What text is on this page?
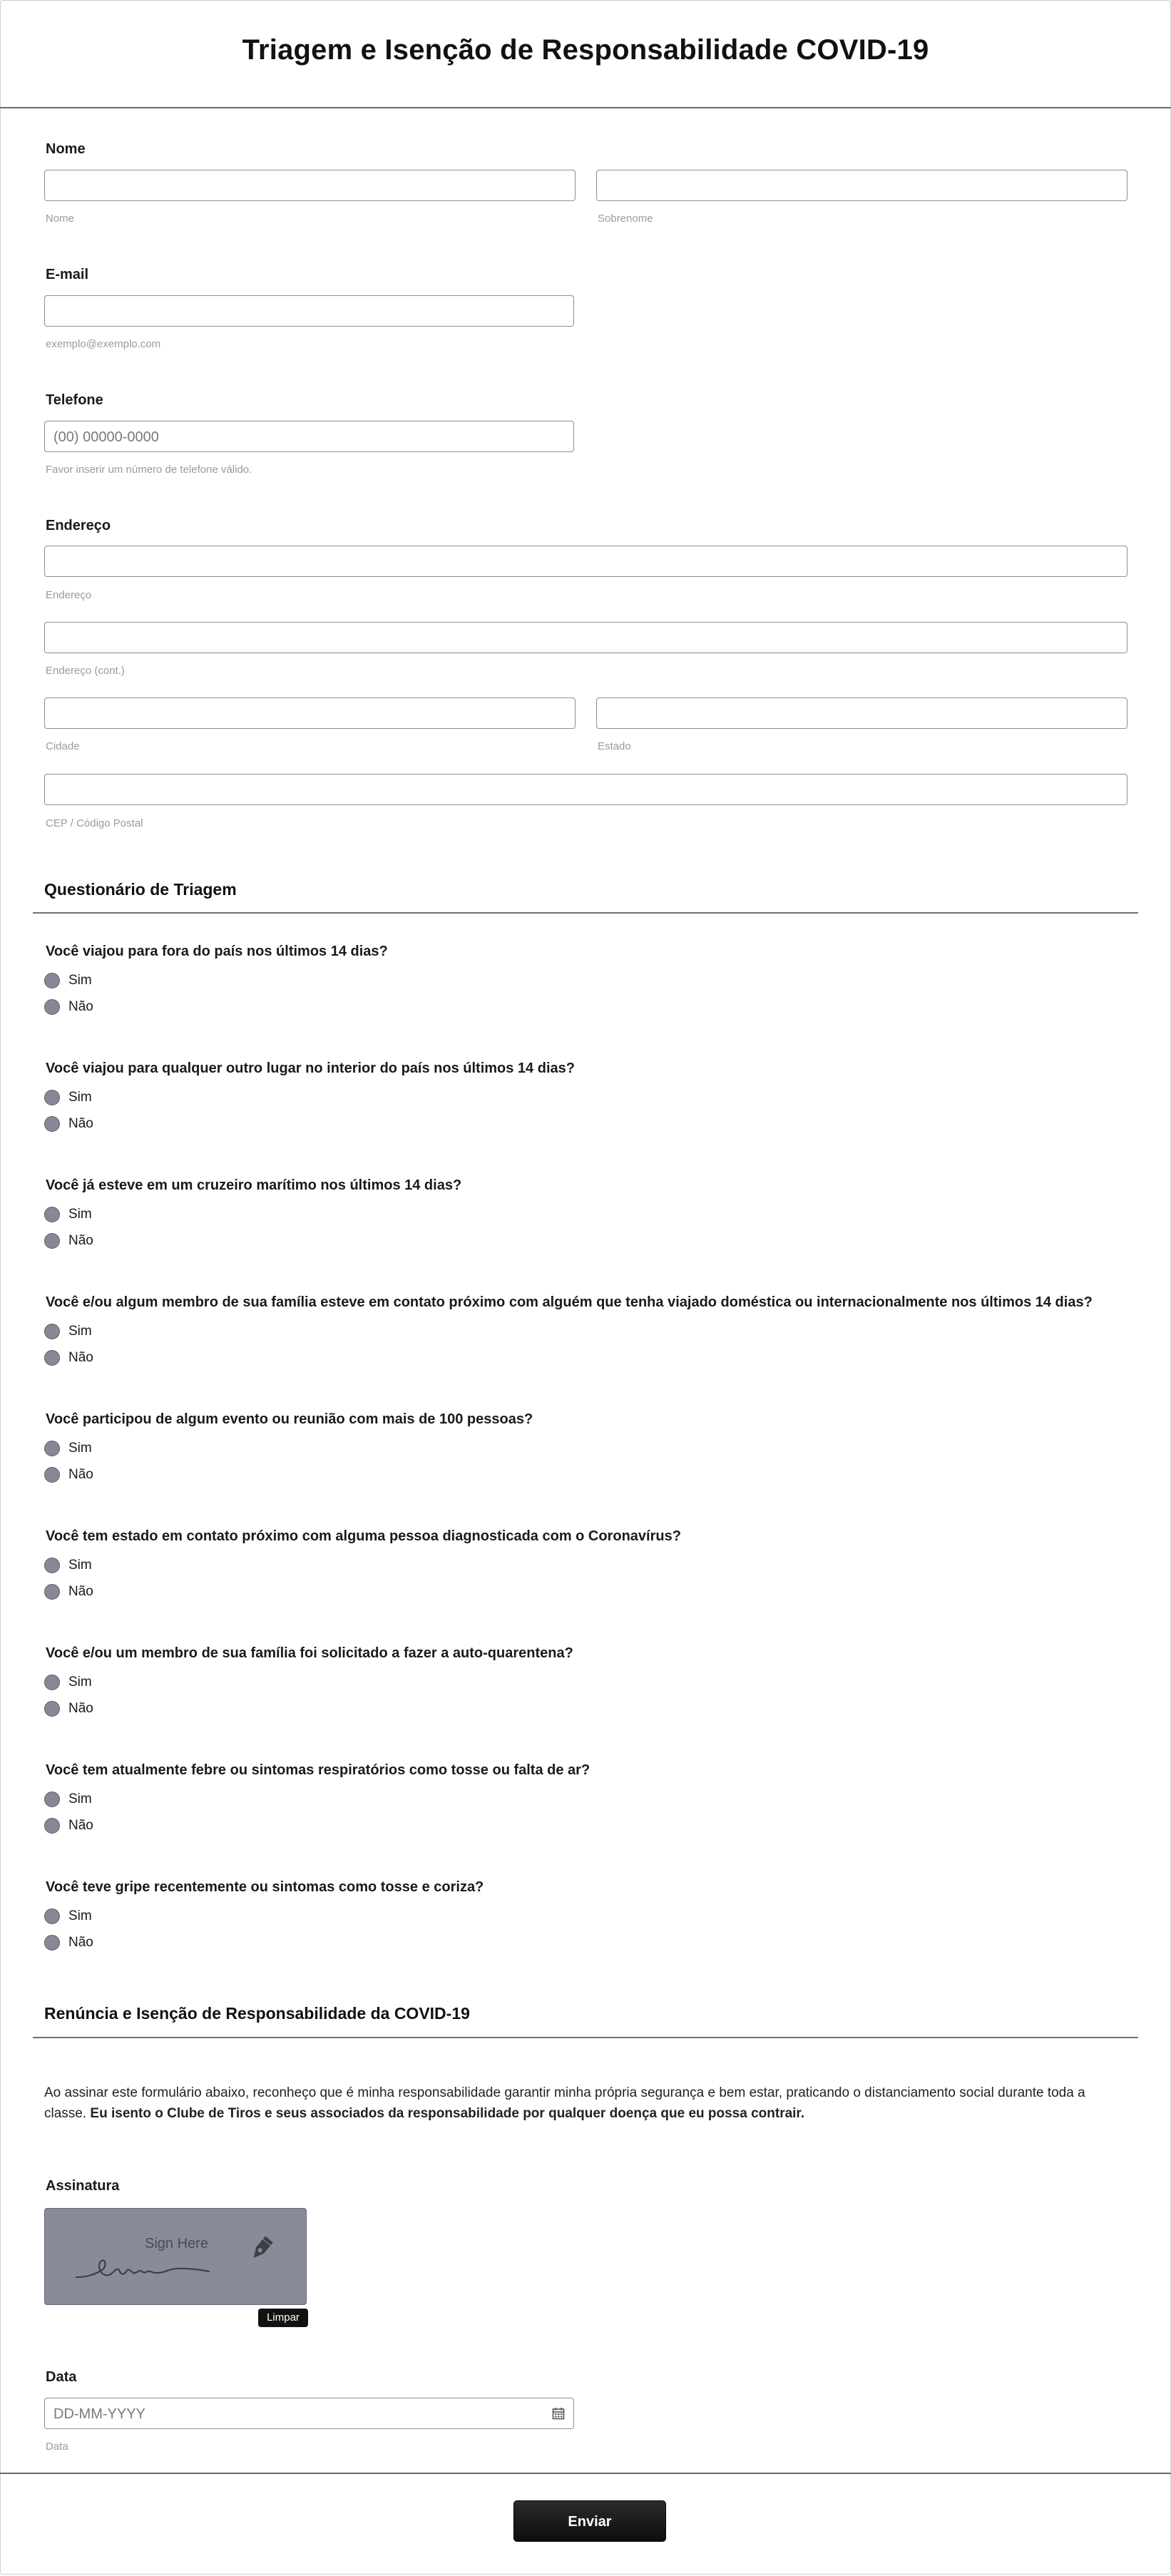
Triagem e Isenção de Responsabilidade COVID-19
Nome
Nome	Sobrenome
E-mail
exemplo@exemplo.com
Telefone
(00) 00000-0000
Favor inserir um número de telefone válido.
Endereço
Endereço
Endereço (cont.)
Cidade	Estado
CEP / Código Postal
Questionário de Triagem
Você viajou para fora do país nos últimos 14 dias?
Sim
Não
Você viajou para qualquer outro lugar no interior do país nos últimos 14 dias?
Sim
Não
Você já esteve em um cruzeiro marítimo nos últimos 14 dias?
Sim
Não
Você e/ou algum membro de sua família esteve em contato próximo com alguém que tenha viajado doméstica ou internacionalmente nos últimos 14 dias?
Sim
Não
Você participou de algum evento ou reunião com mais de 100 pessoas?
Sim
Não
Você tem estado em contato próximo com alguma pessoa diagnosticada com o Coronavírus?
Sim
Não
Você e/ou um membro de sua família foi solicitado a fazer a auto-quarentena?
Sim
Não
Você tem atualmente febre ou sintomas respiratórios como tosse ou falta de ar?
Sim
Não
Você teve gripe recentemente ou sintomas como tosse e coriza?
Sim
Não
Renúncia e Isenção de Responsabilidade da COVID-19
Ao assinar este formulário abaixo, reconheço que é minha responsabilidade garantir minha própria segurança e bem estar, praticando o distanciamento social durante toda a classe. Eu isento o Clube de Tiros e seus associados da responsabilidade por qualquer doença que eu possa contrair.
Assinatura
Sign Here
Limpar
Data
DD-MM-YYYY
Data
Enviar
